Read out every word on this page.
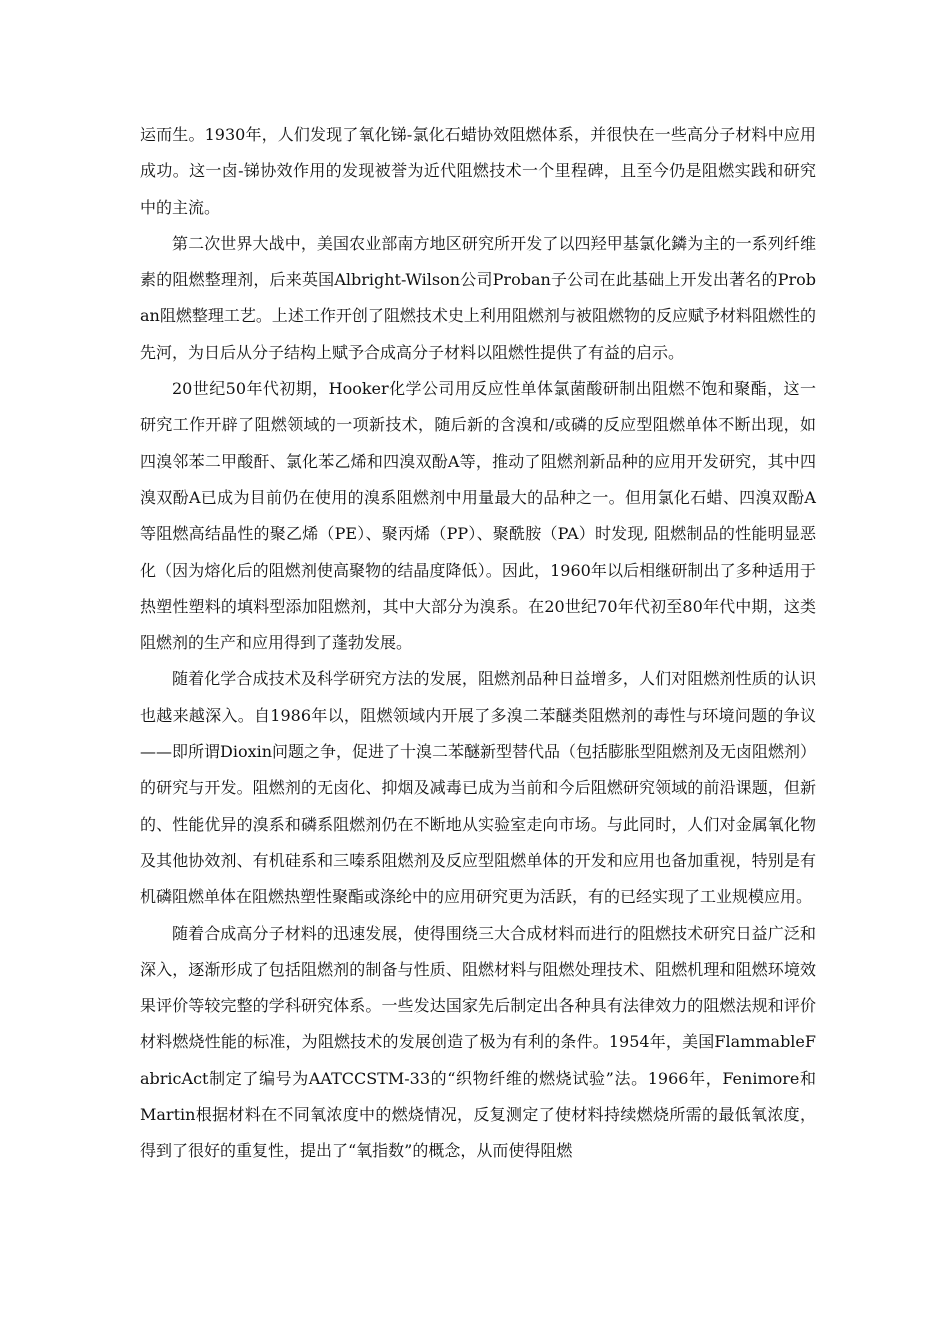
运而生。1930年，人们发现了氧化锑-氯化石蜡协效阻燃体系，并很快在一些高分子材料中应用成功。这一卤-锑协效作用的发现被誉为近代阻燃技术一个里程碑，且至今仍是阻燃实践和研究中的主流。

第二次世界大战中，美国农业部南方地区研究所开发了以四羟甲基氯化鏻为主的一系列纤维素的阻燃整理剂，后来英国Albright-Wilson公司Proban子公司在此基础上开发出著名的Proban阻燃整理工艺。上述工作开创了阻燃技术史上利用阻燃剂与被阻燃物的反应赋予材料阻燃性的先河，为日后从分子结构上赋予合成高分子材料以阻燃性提供了有益的启示。

20世纪50年代初期，Hooker化学公司用反应性单体氯菌酸研制出阻燃不饱和聚酯，这一研究工作开辟了阻燃领域的一项新技术，随后新的含溴和/或磷的反应型阻燃单体不断出现，如四溴邻苯二甲酸酐、氯化苯乙烯和四溴双酚A等，推动了阻燃剂新品种的应用开发研究，其中四溴双酚A已成为目前仍在使用的溴系阻燃剂中用量最大的品种之一。但用氯化石蜡、四溴双酚A等阻燃高结晶性的聚乙烯（PE）、聚丙烯（PP）、聚酰胺（PA）时发现, 阻燃制品的性能明显恶化（因为熔化后的阻燃剂使高聚物的结晶度降低）。因此，1960年以后相继研制出了多种适用于热塑性塑料的填料型添加阻燃剂，其中大部分为溴系。在20世纪70年代初至80年代中期，这类阻燃剂的生产和应用得到了蓬勃发展。

随着化学合成技术及科学研究方法的发展，阻燃剂品种日益增多，人们对阻燃剂性质的认识也越来越深入。自1986年以，阻燃领域内开展了多溴二苯醚类阻燃剂的毒性与环境问题的争议——即所谓Dioxin问题之争，促进了十溴二苯醚新型替代品（包括膨胀型阻燃剂及无卤阻燃剂）的研究与开发。阻燃剂的无卤化、抑烟及减毒已成为当前和今后阻燃研究领域的前沿课题，但新的、性能优异的溴系和磷系阻燃剂仍在不断地从实验室走向市场。与此同时，人们对金属氧化物及其他协效剂、有机硅系和三嗪系阻燃剂及反应型阻燃单体的开发和应用也备加重视，特别是有机磷阻燃单体在阻燃热塑性聚酯或涤纶中的应用研究更为活跃，有的已经实现了工业规模应用。

随着合成高分子材料的迅速发展，使得围绕三大合成材料而进行的阻燃技术研究日益广泛和深入，逐渐形成了包括阻燃剂的制备与性质、阻燃材料与阻燃处理技术、阻燃机理和阻燃环境效果评价等较完整的学科研究体系。一些发达国家先后制定出各种具有法律效力的阻燃法规和评价材料燃烧性能的标准，为阻燃技术的发展创造了极为有利的条件。1954年，美国FlammableFabricAct制定了编号为AATCCSTM-33的“织物纤维的燃烧试验”法。1966年，Fenimore和Martin根据材料在不同氧浓度中的燃烧情况，反复测定了使材料持续燃烧所需的最低氧浓度，得到了很好的重复性，提出了“氧指数”的概念，从而使得阻燃
